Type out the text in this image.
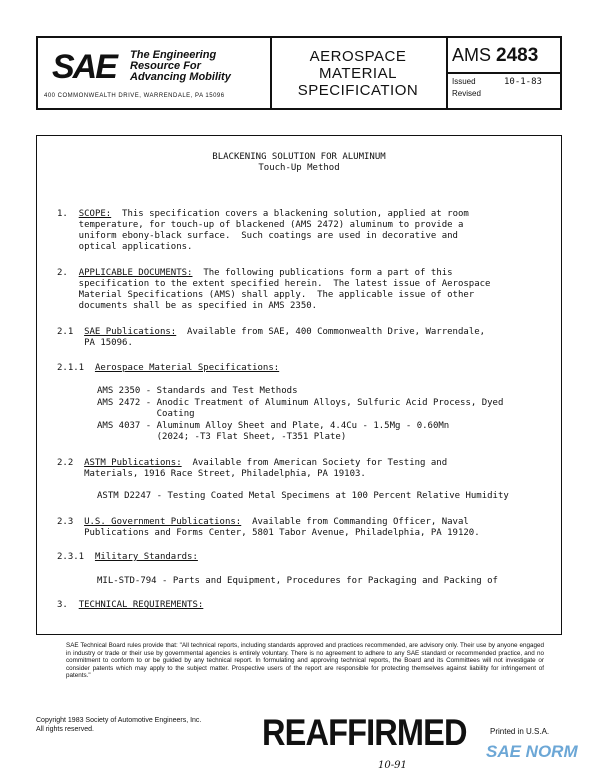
SAE The Engineering
Resource For
Advancing Mobility
400 COMMONWEALTH DRIVE, WARRENDALE, PA 15096
AEROSPACE
MATERIAL
SPECIFICATION
AMS 2483
Issued
Revised
10-1-83
BLACKENING SOLUTION FOR ALUMINUM
Touch-Up Method
1.  SCOPE:  This specification covers a blackening solution, applied at room
temperature, for touch-up of blackened (AMS 2472) aluminum to provide a
uniform ebony-black surface.  Such coatings are used in decorative and
optical applications.
2.  APPLICABLE DOCUMENTS:  The following publications form a part of this
specification to the extent specified herein.  The latest issue of Aerospace
Material Specifications (AMS) shall apply.  The applicable issue of other
documents shall be as specified in AMS 2350.
2.1  SAE Publications:  Available from SAE, 400 Commonwealth Drive, Warrendale,
PA 15096.
2.1.1  Aerospace Material Specifications:
AMS 2350 - Standards and Test Methods
AMS 2472 - Anodic Treatment of Aluminum Alloys, Sulfuric Acid Process, Dyed
Coating
AMS 4037 - Aluminum Alloy Sheet and Plate, 4.4Cu - 1.5Mg - 0.60Mn
(2024; -T3 Flat Sheet, -T351 Plate)
2.2  ASTM Publications:  Available from American Society for Testing and
Materials, 1916 Race Street, Philadelphia, PA 19103.
ASTM D2247 - Testing Coated Metal Specimens at 100 Percent Relative Humidity
2.3  U.S. Government Publications:  Available from Commanding Officer, Naval
Publications and Forms Center, 5801 Tabor Avenue, Philadelphia, PA 19120.
2.3.1  Military Standards:
MIL-STD-794 - Parts and Equipment, Procedures for Packaging and Packing of
3.  TECHNICAL REQUIREMENTS:
SAE Technical Board rules provide that: "All technical reports, including standards approved and practices recommended, are advisory only. Their use by anyone engaged in industry or trade or their use by governmental agencies is entirely voluntary. There is no agreement to adhere to any SAE standard or recommended practice, and no commitment to conform to or be guided by any technical report. In formulating and approving technical reports, the Board and its Committees will not investigate or consider patents which may apply to the subject matter. Prospective users of the report are responsible for protecting themselves against liability for infringement of patents."
Copyright 1983 Society of Automotive Engineers, Inc.
All rights reserved.	REAFFIRMED	Printed in U.S.A.
10-91
SAE NORM
